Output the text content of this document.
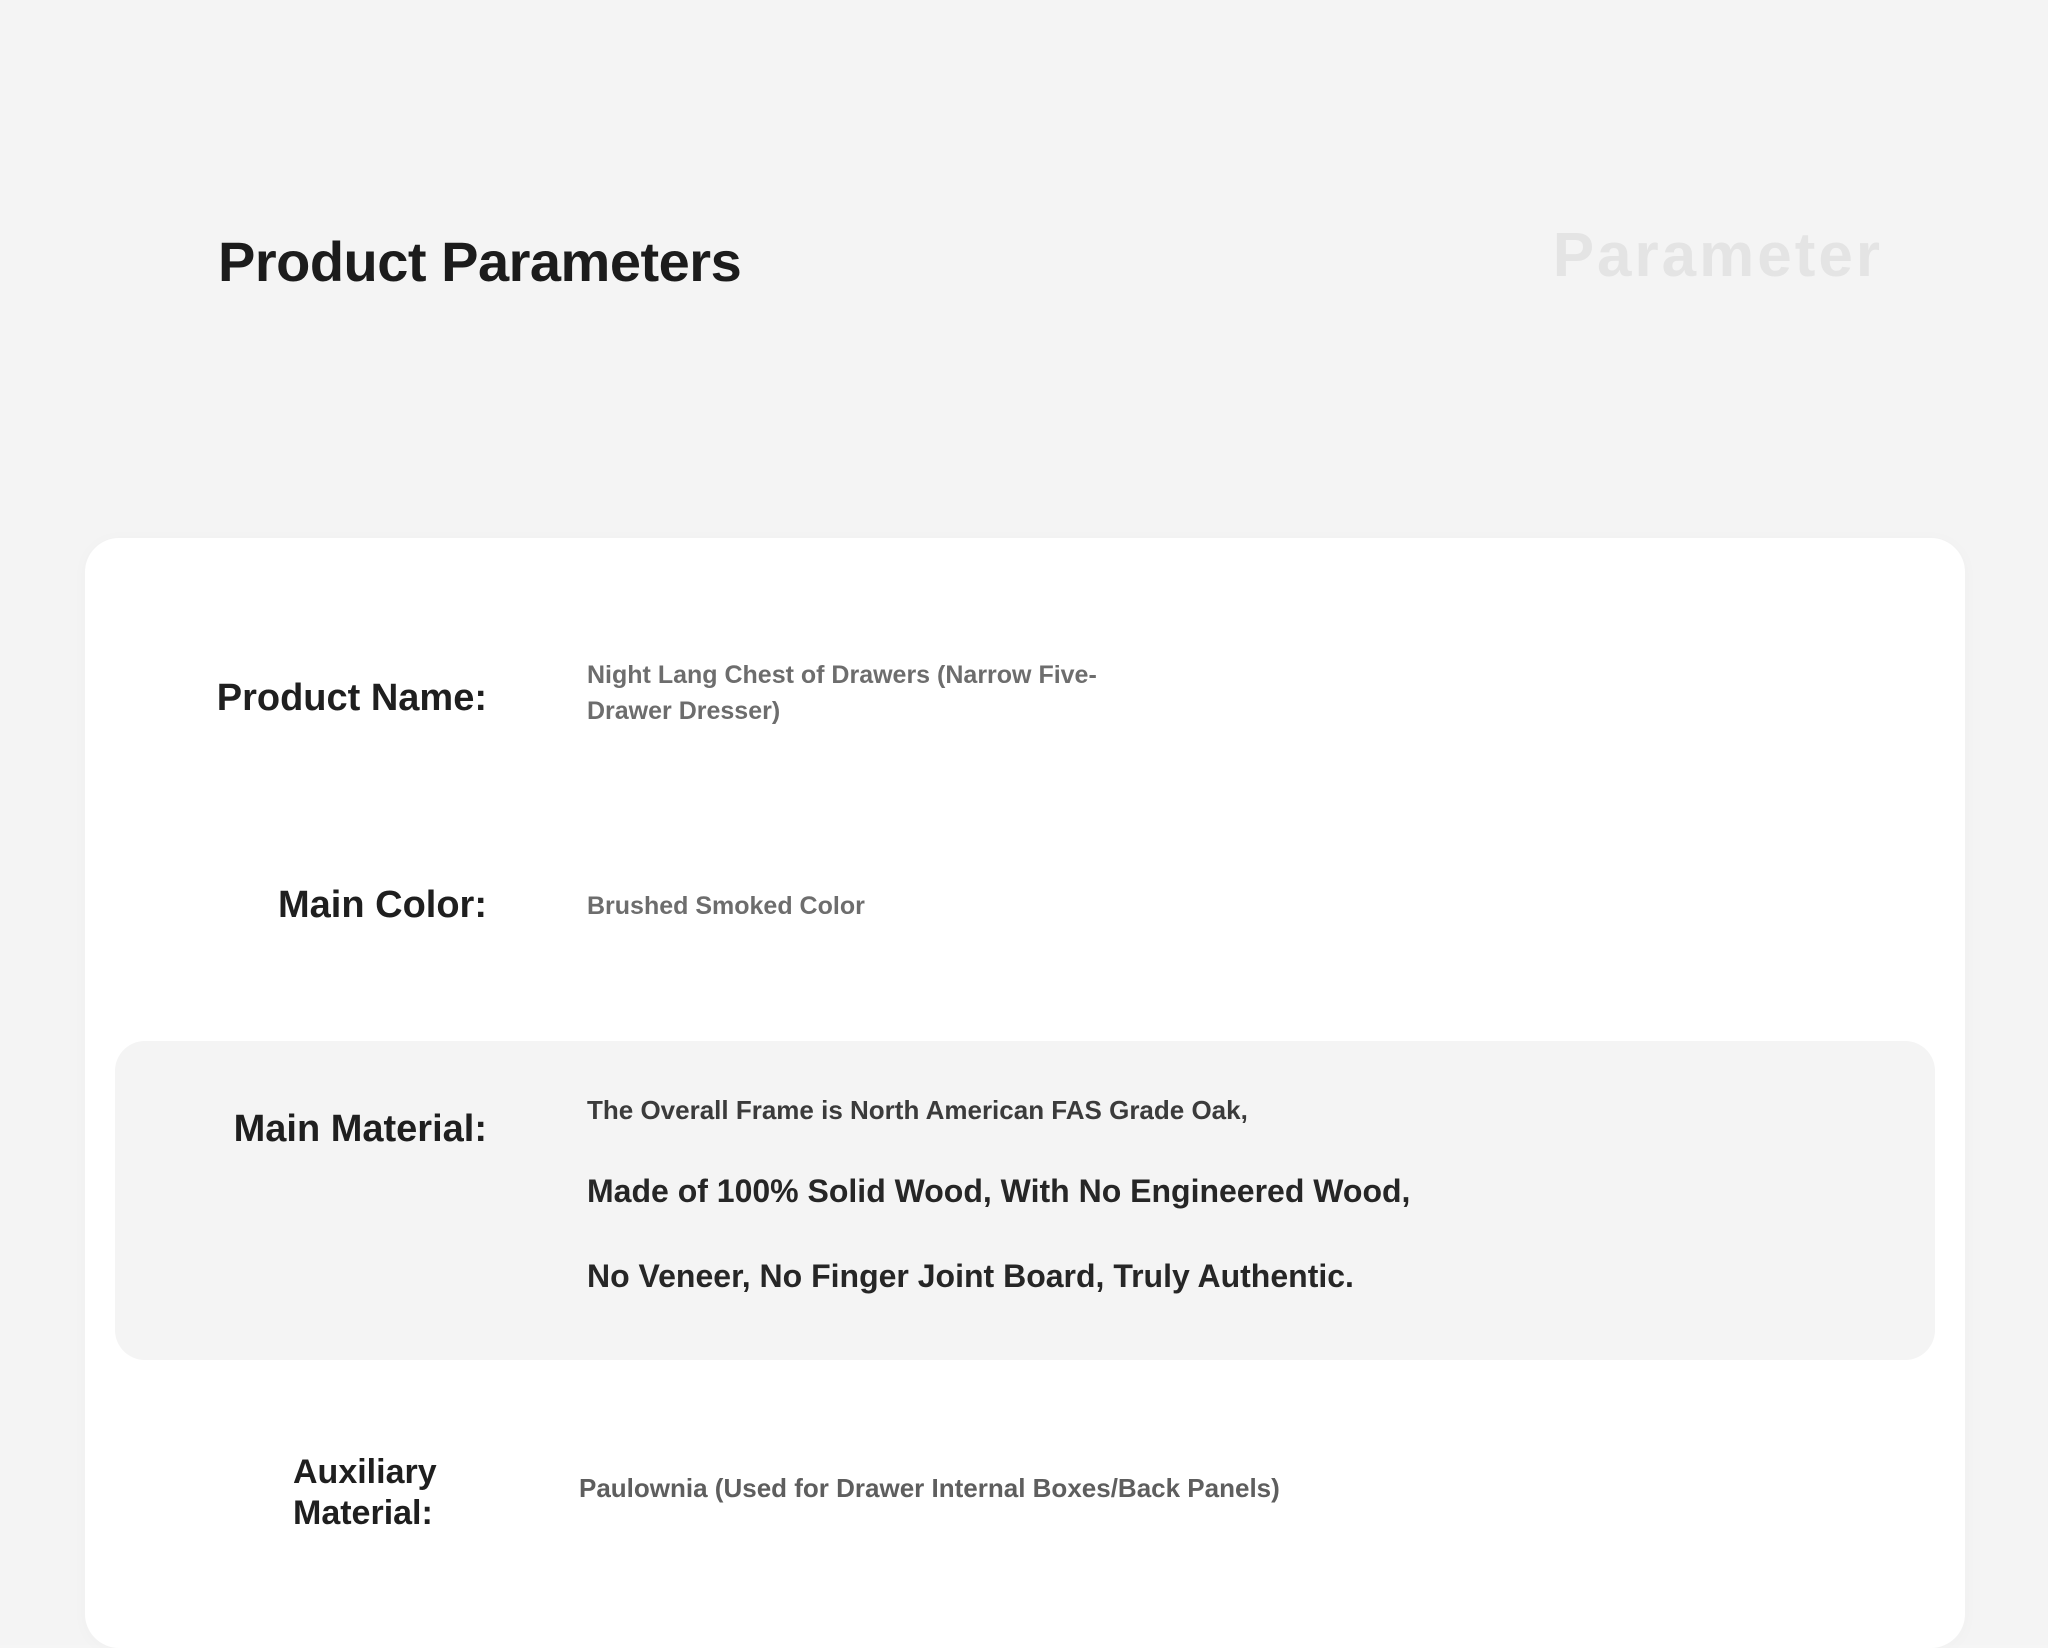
Product Parameters	Parameter
Product Name:
Night Lang Chest of Drawers (Narrow Five-Drawer Dresser)
Main Color:	Brushed Smoked Color
Main Material:	The Overall Frame is North American FAS Grade Oak,
Made of 100% Solid Wood, With No Engineered Wood,
No Veneer, No Finger Joint Board, Truly Authentic.
Auxiliary Material:
Paulownia (Used for Drawer Internal Boxes/Back Panels)
